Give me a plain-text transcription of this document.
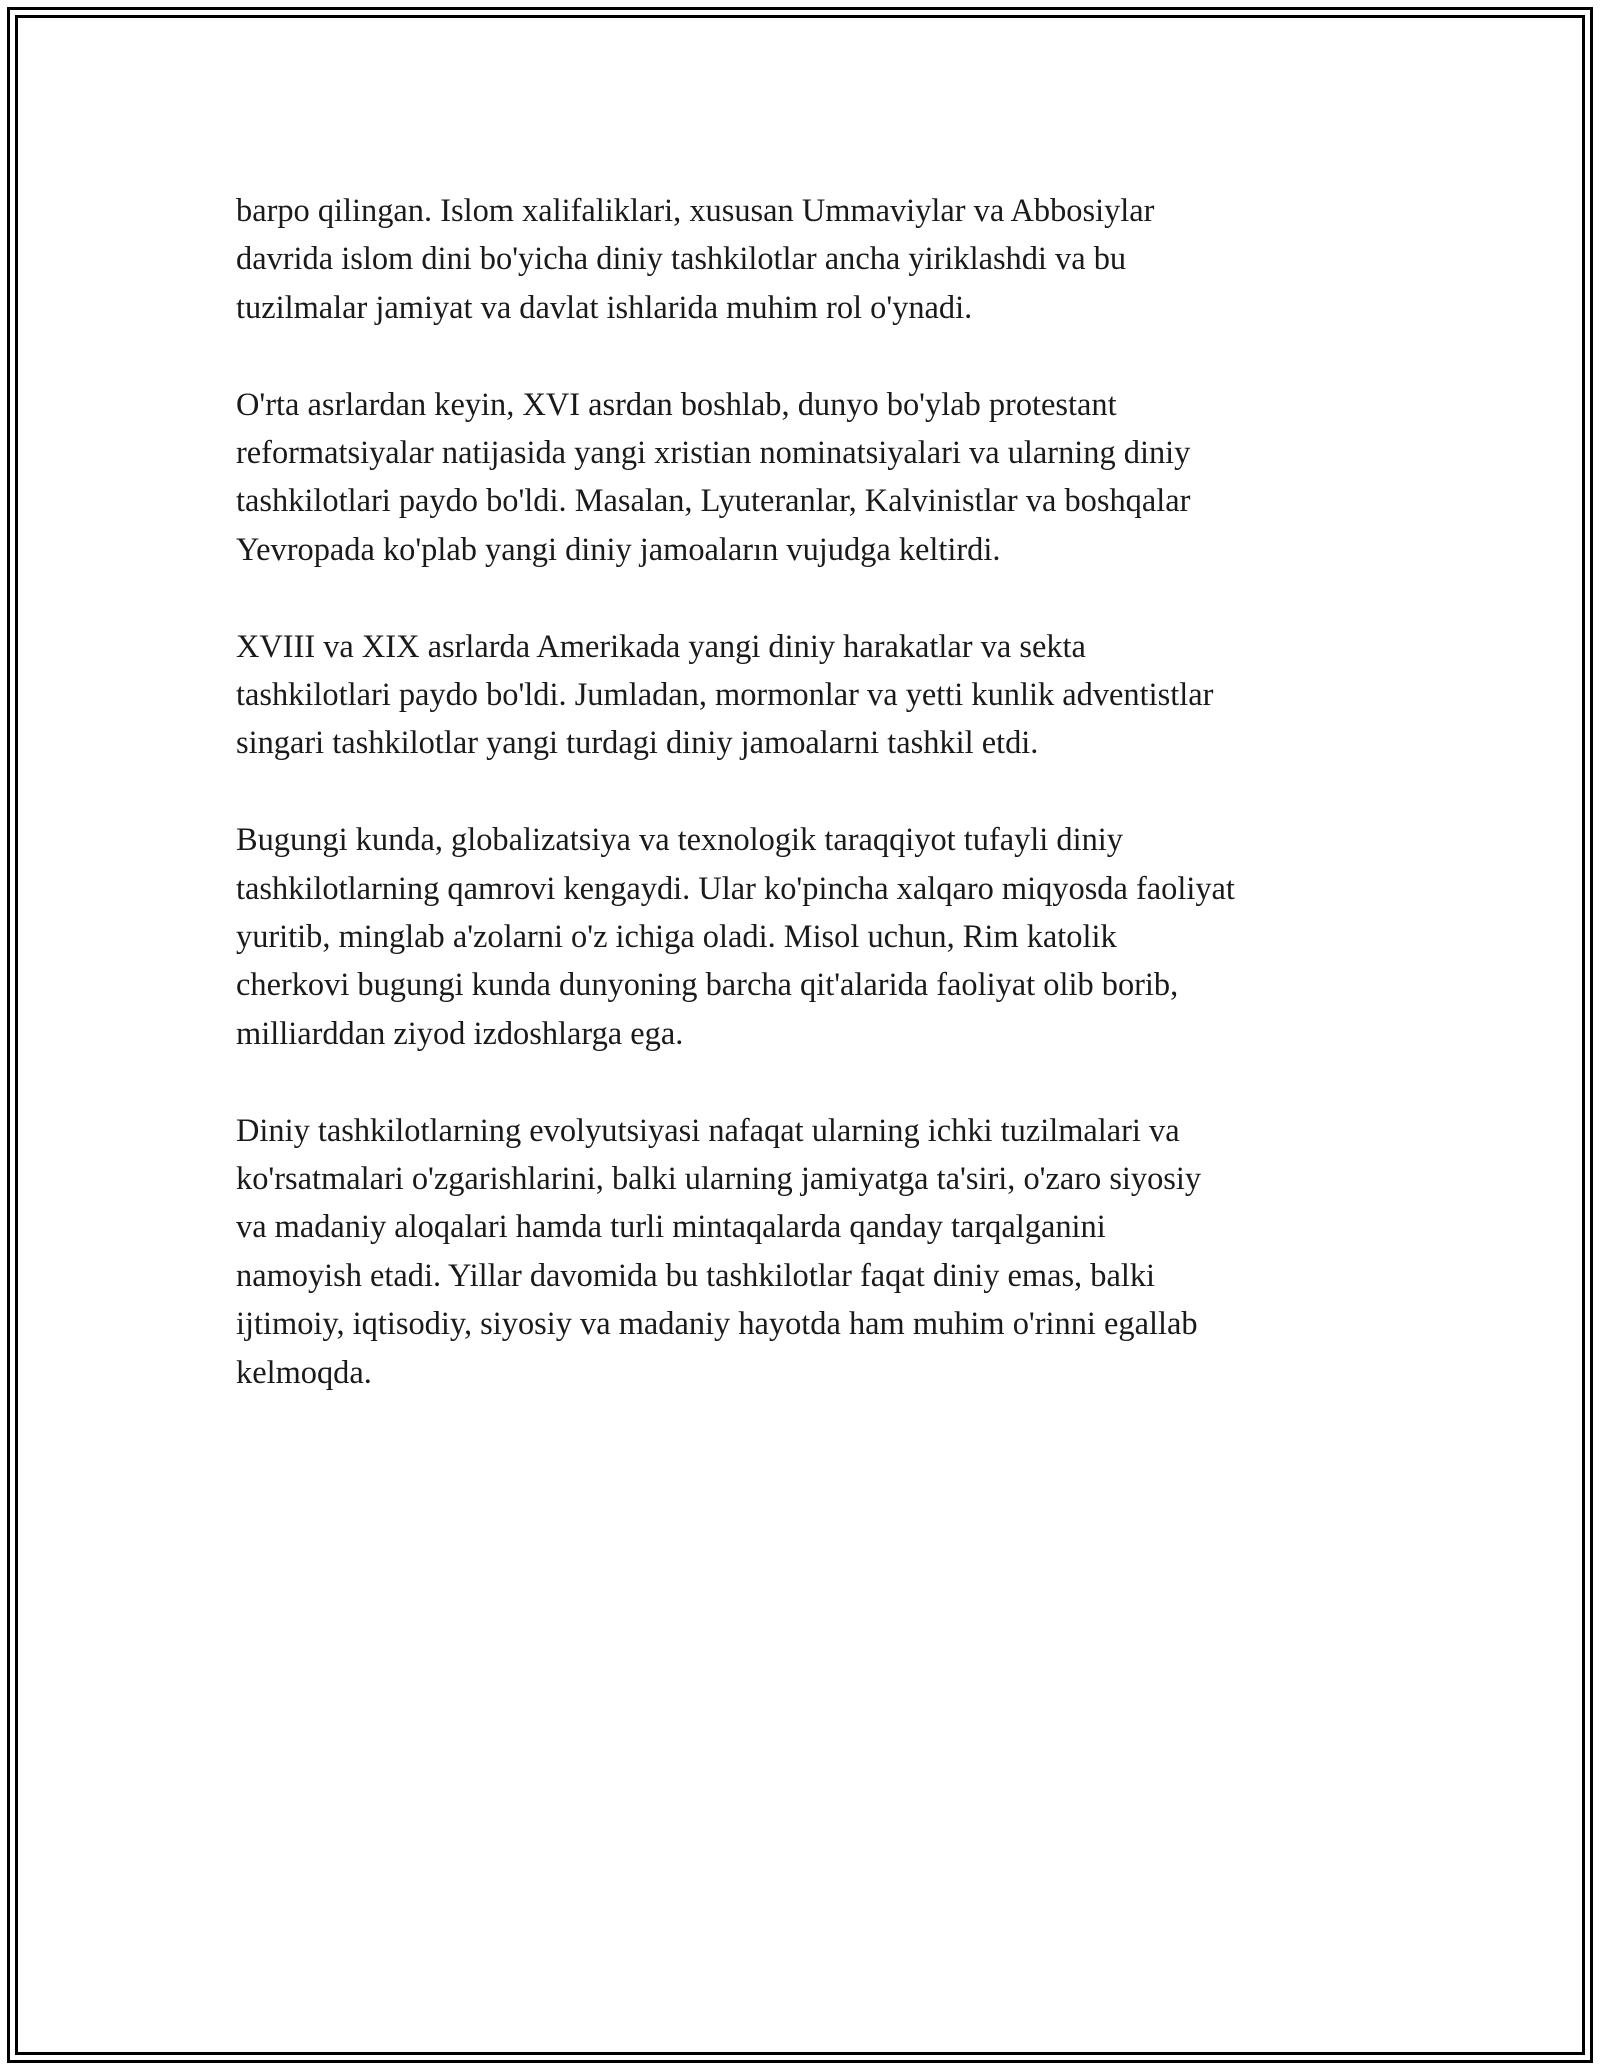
barpo qilingan. Islom xalifaliklari, xususan Ummaviylar va Abbosiylar
davrida islom dini bo'yicha diniy tashkilotlar ancha yiriklashdi va bu
tuzilmalar jamiyat va davlat ishlarida muhim rol o'ynadi.

O'rta asrlardan keyin, XVI asrdan boshlab, dunyo bo'ylab protestant
reformatsiyalar natijasida yangi xristian nominatsiyalari va ularning diniy
tashkilotlari paydo bo'ldi. Masalan, Lyuteranlar, Kalvinistlar va boshqalar
Yevropada ko'plab yangi diniy jamoaların vujudga keltirdi.

XVIII va XIX asrlarda Amerikada yangi diniy harakatlar va sekta
tashkilotlari paydo bo'ldi. Jumladan, mormonlar va yetti kunlik adventistlar
singari tashkilotlar yangi turdagi diniy jamoalarni tashkil etdi.

Bugungi kunda, globalizatsiya va texnologik taraqqiyot tufayli diniy
tashkilotlarning qamrovi kengaydi. Ular ko'pincha xalqaro miqyosda faoliyat
yuritib, minglab a'zolarni o'z ichiga oladi. Misol uchun, Rim katolik
cherkovi bugungi kunda dunyoning barcha qit'alarida faoliyat olib borib,
milliarddan ziyod izdoshlarga ega.

Diniy tashkilotlarning evolyutsiyasi nafaqat ularning ichki tuzilmalari va
ko'rsatmalari o'zgarishlarini, balki ularning jamiyatga ta'siri, o'zaro siyosiy
va madaniy aloqalari hamda turli mintaqalarda qanday tarqalganini
namoyish etadi. Yillar davomida bu tashkilotlar faqat diniy emas, balki
ijtimoiy, iqtisodiy, siyosiy va madaniy hayotda ham muhim o'rinni egallab
kelmoqda.
